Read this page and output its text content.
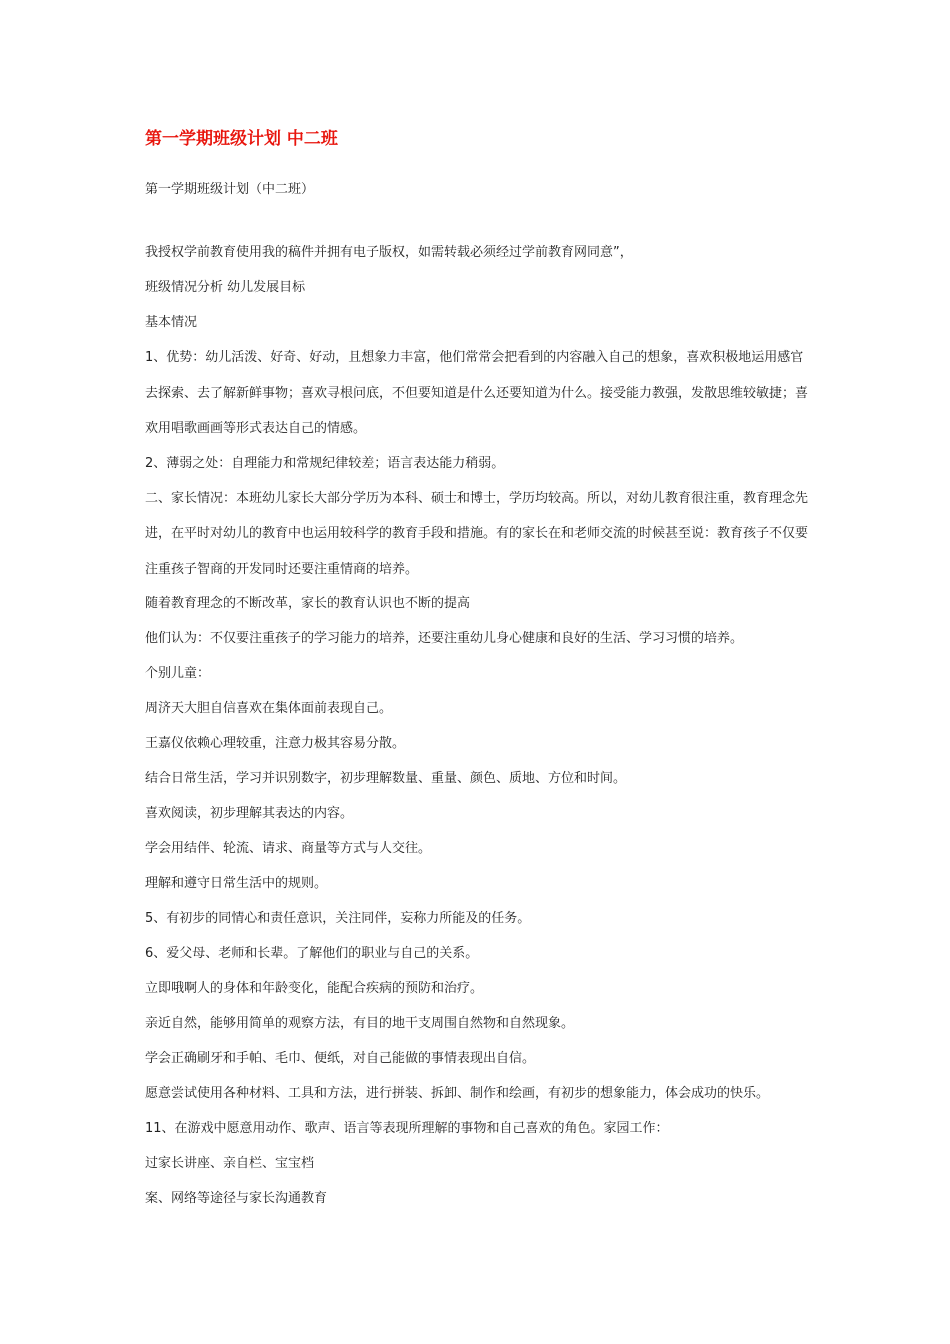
第一学期班级计划 中二班

第一学期班级计划（中二班）

我授权学前教育使用我的稿件并拥有电子版权，如需转载必须经过学前教育网同意”，

班级情况分析 幼儿发展目标

基本情况

1、优势：幼儿活泼、好奇、好动，且想象力丰富，他们常常会把看到的内容融入自己的想象，喜欢积极地运用感官去探索、去了解新鲜事物；喜欢寻根问底，不但要知道是什么还要知道为什么。接受能力教强，发散思维较敏捷；喜欢用唱歌画画等形式表达自己的情感。

2、薄弱之处：自理能力和常规纪律较差；语言表达能力稍弱。

二、家长情况：本班幼儿家长大部分学历为本科、硕士和博士，学历均较高。所以，对幼儿教育很注重，教育理念先进，在平时对幼儿的教育中也运用较科学的教育手段和措施。有的家长在和老师交流的时候甚至说：教育孩子不仅要注重孩子智商的开发同时还要注重情商的培养。

随着教育理念的不断改革，家长的教育认识也不断的提高

他们认为：不仅要注重孩子的学习能力的培养，还要注重幼儿身心健康和良好的生活、学习习惯的培养。

个别儿童：

周济天大胆自信喜欢在集体面前表现自己。

王嘉仪依赖心理较重，注意力极其容易分散。

结合日常生活，学习并识别数字，初步理解数量、重量、颜色、质地、方位和时间。

喜欢阅读，初步理解其表达的内容。

学会用结伴、轮流、请求、商量等方式与人交往。

理解和遵守日常生活中的规则。

5、有初步的同情心和责任意识，关注同伴，妄称力所能及的任务。

6、爱父母、老师和长辈。了解他们的职业与自己的关系。

立即哦啊人的身体和年龄变化，能配合疾病的预防和治疗。

亲近自然，能够用简单的观察方法，有目的地干支周围自然物和自然现象。

学会正确刷牙和手帕、毛巾、便纸，对自己能做的事情表现出自信。

愿意尝试使用各种材料、工具和方法，进行拼装、拆卸、制作和绘画，有初步的想象能力，体会成功的快乐。

11、在游戏中愿意用动作、歌声、语言等表现所理解的事物和自己喜欢的角色。家园工作：

过家长讲座、亲自栏、宝宝档

案、网络等途径与家长沟通教育
